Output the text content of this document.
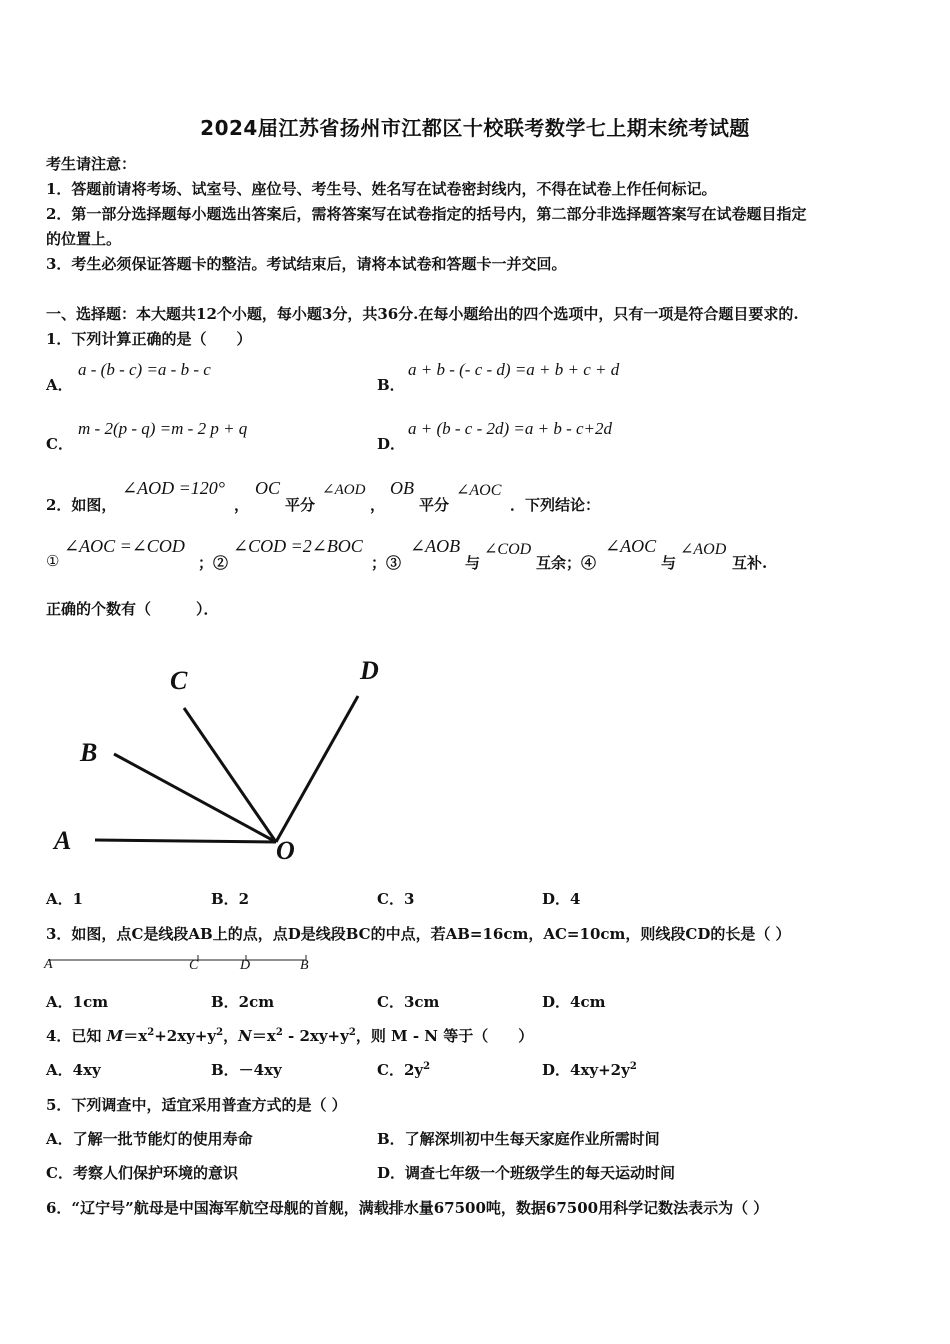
2024届江苏省扬州市江都区十校联考数学七上期末统考试题
考生请注意：
1．答题前请将考场、试室号、座位号、考生号、姓名写在试卷密封线内，不得在试卷上作任何标记。
2．第一部分选择题每小题选出答案后，需将答案写在试卷指定的括号内，第二部分非选择题答案写在试卷题目指定
的位置上。
3．考生必须保证答题卡的整洁。考试结束后，请将本试卷和答题卡一并交回。
一、选择题：本大题共12个小题，每小题3分，共36分.在每小题给出的四个选项中，只有一项是符合题目要求的.
1．下列计算正确的是（　　）
A．
a - (b - c) =a - b - c
B．
a + b - (- c - d) =a + b + c + d
C．
m - 2(p - q) =m - 2 p + q
D．
a + (b - c - 2d) =a + b - c+2d
2．如图，
∠AOD =120°
，
OC
平分
∠AOD
，
OB
平分
∠AOC
．下列结论：
①
∠AOC =∠COD
；②
∠COD =2∠BOC
；③
∠AOB
与
∠COD
互余；④
∠AOC
与
∠AOD
互补.
正确的个数有（　　　）．
A
B
C	D
O
A．1	B．2	C．3	D．4
3．如图，点C是线段AB上的点，点D是线段BC的中点，若AB=16cm，AC=10cm，则线段CD的长是（ ）
A	C	D	B
A．1cm	B．2cm	C．3cm	D．4cm
4．已知 $M=x^2+2xy+y^2$，$N=x^2 - 2xy+y^2$，则 M - N 等于（　　）
A．4xy	B．－4xy	C．$2y^2$	D．$4xy+2y^2$
5．下列调查中，适宜采用普查方式的是（ ）
A．了解一批节能灯的使用寿命	B．了解深圳初中生每天家庭作业所需时间
C．考察人们保护环境的意识	D．调查七年级一个班级学生的每天运动时间
6．“辽宁号”航母是中国海军航空母舰的首舰，满载排水量67500吨，数据67500用科学记数法表示为（ ）
